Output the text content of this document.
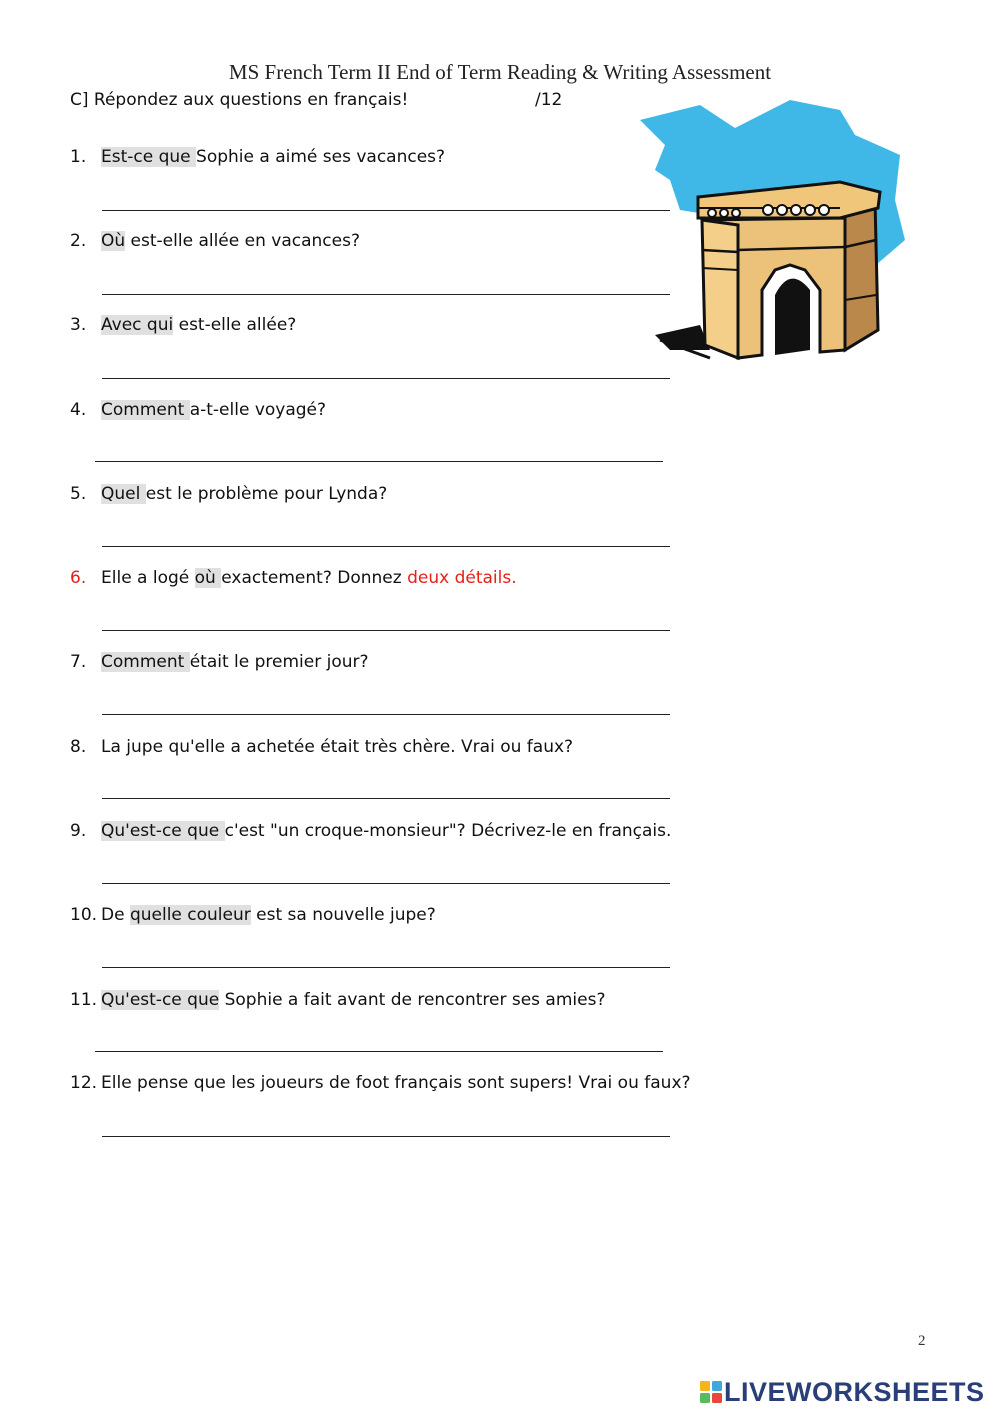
MS French Term II End of Term Reading & Writing Assessment
C] Répondez aux questions en français!	/12
1. Est-ce que Sophie a aimé ses vacances?
2. Où est-elle allée en vacances?
3. Avec qui est-elle allée?
4. Comment a-t-elle voyagé?
5. Quel est le problème pour Lynda?
6. Elle a logé où exactement? Donnez deux détails.
7. Comment était le premier jour?
8. La jupe qu'elle a achetée était très chère. Vrai ou faux?
9. Qu'est-ce que c'est "un croque-monsieur"? Décrivez-le en français.
10. De quelle couleur est sa nouvelle jupe?
11. Qu'est-ce que Sophie a fait avant de rencontrer ses amies?
12. Elle pense que les joueurs de foot français sont supers! Vrai ou faux?
2
LIVEWORKSHEETS
